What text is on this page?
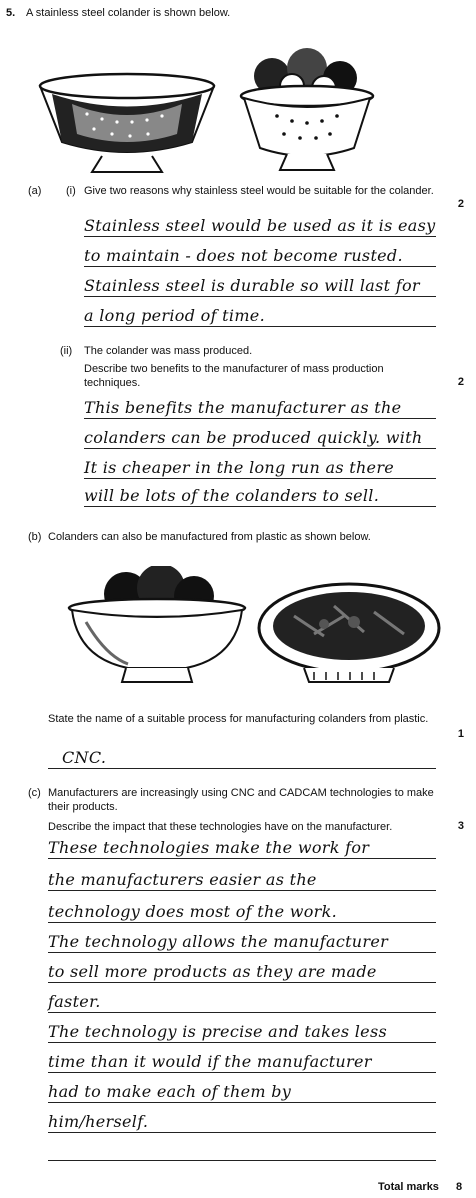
5. A stainless steel colander is shown below.
(a) (i) Give two reasons why stainless steel would be suitable for the colander.
2
Stainless steel would be used as it is easy
to maintain - does not become rusted.
Stainless steel is durable so will last for
a long period of time.
(ii) The colander was mass produced.
Describe two benefits to the manufacturer of mass production techniques.	2
This benefits the manufacturer as the
colanders can be produced quickly. with
It is cheaper in the long run as there
will be lots of the colanders to sell.
(b) Colanders can also be manufactured from plastic as shown below.
State the name of a suitable process for manufacturing colanders from plastic.
1
CNC.
(c) Manufacturers are increasingly using CNC and CADCAM technologies to make their products.
Describe the impact that these technologies have on the manufacturer.	3
These technologies make the work for
the manufacturers easier as the
technology does most of the work.
The technology allows the manufacturer
to sell more products as they are made
faster.
The technology is precise and takes less
time than it would if the manufacturer
had to make each of them by
him/herself.
Total marks 8
